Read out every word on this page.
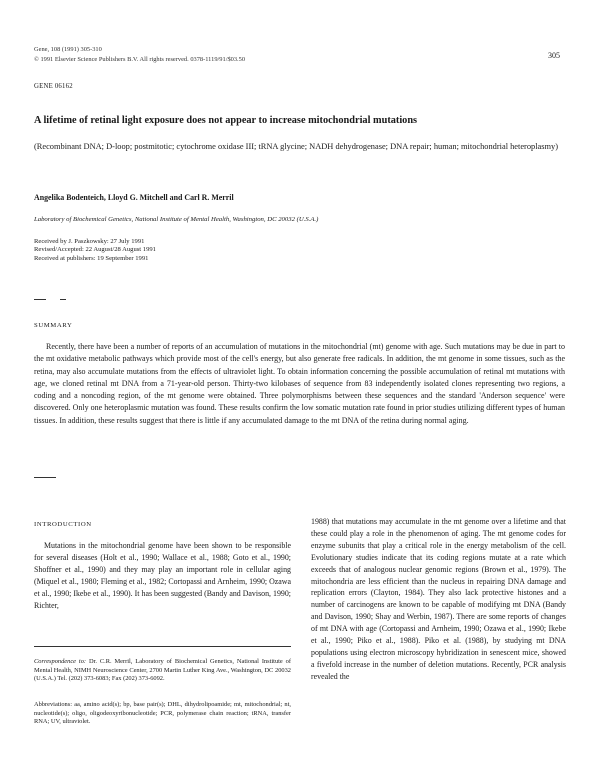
Gene, 108 (1991) 305-310
© 1991 Elsevier Science Publishers B.V. All rights reserved. 0378-1119/91/$03.50	305
GENE 06162
A lifetime of retinal light exposure does not appear to increase mitochondrial mutations
(Recombinant DNA; D-loop; postmitotic; cytochrome oxidase III; tRNA glycine; NADH dehydrogenase; DNA repair; human; mitochondrial heteroplasmy)
Angelika Bodenteich, Lloyd G. Mitchell and Carl R. Merril
Laboratory of Biochemical Genetics, National Institute of Mental Health, Washington, DC 20032 (U.S.A.)
Received by J. Paszkowsky: 27 July 1991
Revised/Accepted: 22 August/28 August 1991
Received at publishers: 19 September 1991
SUMMARY
Recently, there have been a number of reports of an accumulation of mutations in the mitochondrial (mt) genome with age. Such mutations may be due in part to the mt oxidative metabolic pathways which provide most of the cell's energy, but also generate free radicals. In addition, the mt genome in some tissues, such as the retina, may also accumulate mutations from the effects of ultraviolet light. To obtain information concerning the possible accumulation of retinal mt mutations with age, we cloned retinal mt DNA from a 71-year-old person. Thirty-two kilobases of sequence from 83 independently isolated clones representing two regions, a coding and a noncoding region, of the mt genome were obtained. Three polymorphisms between these sequences and the standard 'Anderson sequence' were discovered. Only one heteroplasmic mutation was found. These results confirm the low somatic mutation rate found in prior studies utilizing different types of human tissues. In addition, these results suggest that there is little if any accumulated damage to the mt DNA of the retina during normal aging.
INTRODUCTION

Mutations in the mitochondrial genome have been shown to be responsible for several diseases (Holt et al., 1990; Wallace et al., 1988; Goto et al., 1990; Shoffner et al., 1990) and they may play an important role in cellular aging (Miquel et al., 1980; Fleming et al., 1982; Cortopassi and Arnheim, 1990; Ozawa et al., 1990; Ikebe et al., 1990). It has been suggested (Bandy and Davison, 1990; Richter,

Correspondence to: Dr. C.R. Merril, Laboratory of Biochemical Genetics, National Institute of Mental Health, NIMH Neuroscience Center, 2700 Martin Luther King Ave., Washington, DC 20032 (U.S.A.) Tel. (202) 373-6083; Fax (202) 373-6092.
Abbreviations: aa, amino acid(s); bp, base pair(s); DHL, dihydrolipoamide; mt, mitochondrial; nt, nucleotide(s); oligo, oligodeoxyribonucleotide; PCR, polymerase chain reaction; tRNA, transfer RNA; UV, ultraviolet.

1988) that mutations may accumulate in the mt genome over a lifetime and that these could play a role in the phenomenon of aging. The mt genome codes for enzyme subunits that play a critical role in the energy metabolism of the cell. Evolutionary studies indicate that its coding regions mutate at a rate which exceeds that of analogous nuclear genomic regions (Brown et al., 1979). The mitochondria are less efficient than the nucleus in repairing DNA damage and replication errors (Clayton, 1984). They also lack protective histones and a number of carcinogens are known to be capable of modifying mt DNA (Bandy and Davison, 1990; Shay and Werbin, 1987). There are some reports of changes of mt DNA with age (Cortopassi and Arnheim, 1990; Ozawa et al., 1990; Ikebe et al., 1990; Piko et al., 1988). Piko et al. (1988), by studying mt DNA populations using electron microscopy hybridization in senescent mice, showed a fivefold increase in the number of deletion mutations. Recently, PCR analysis revealed the
